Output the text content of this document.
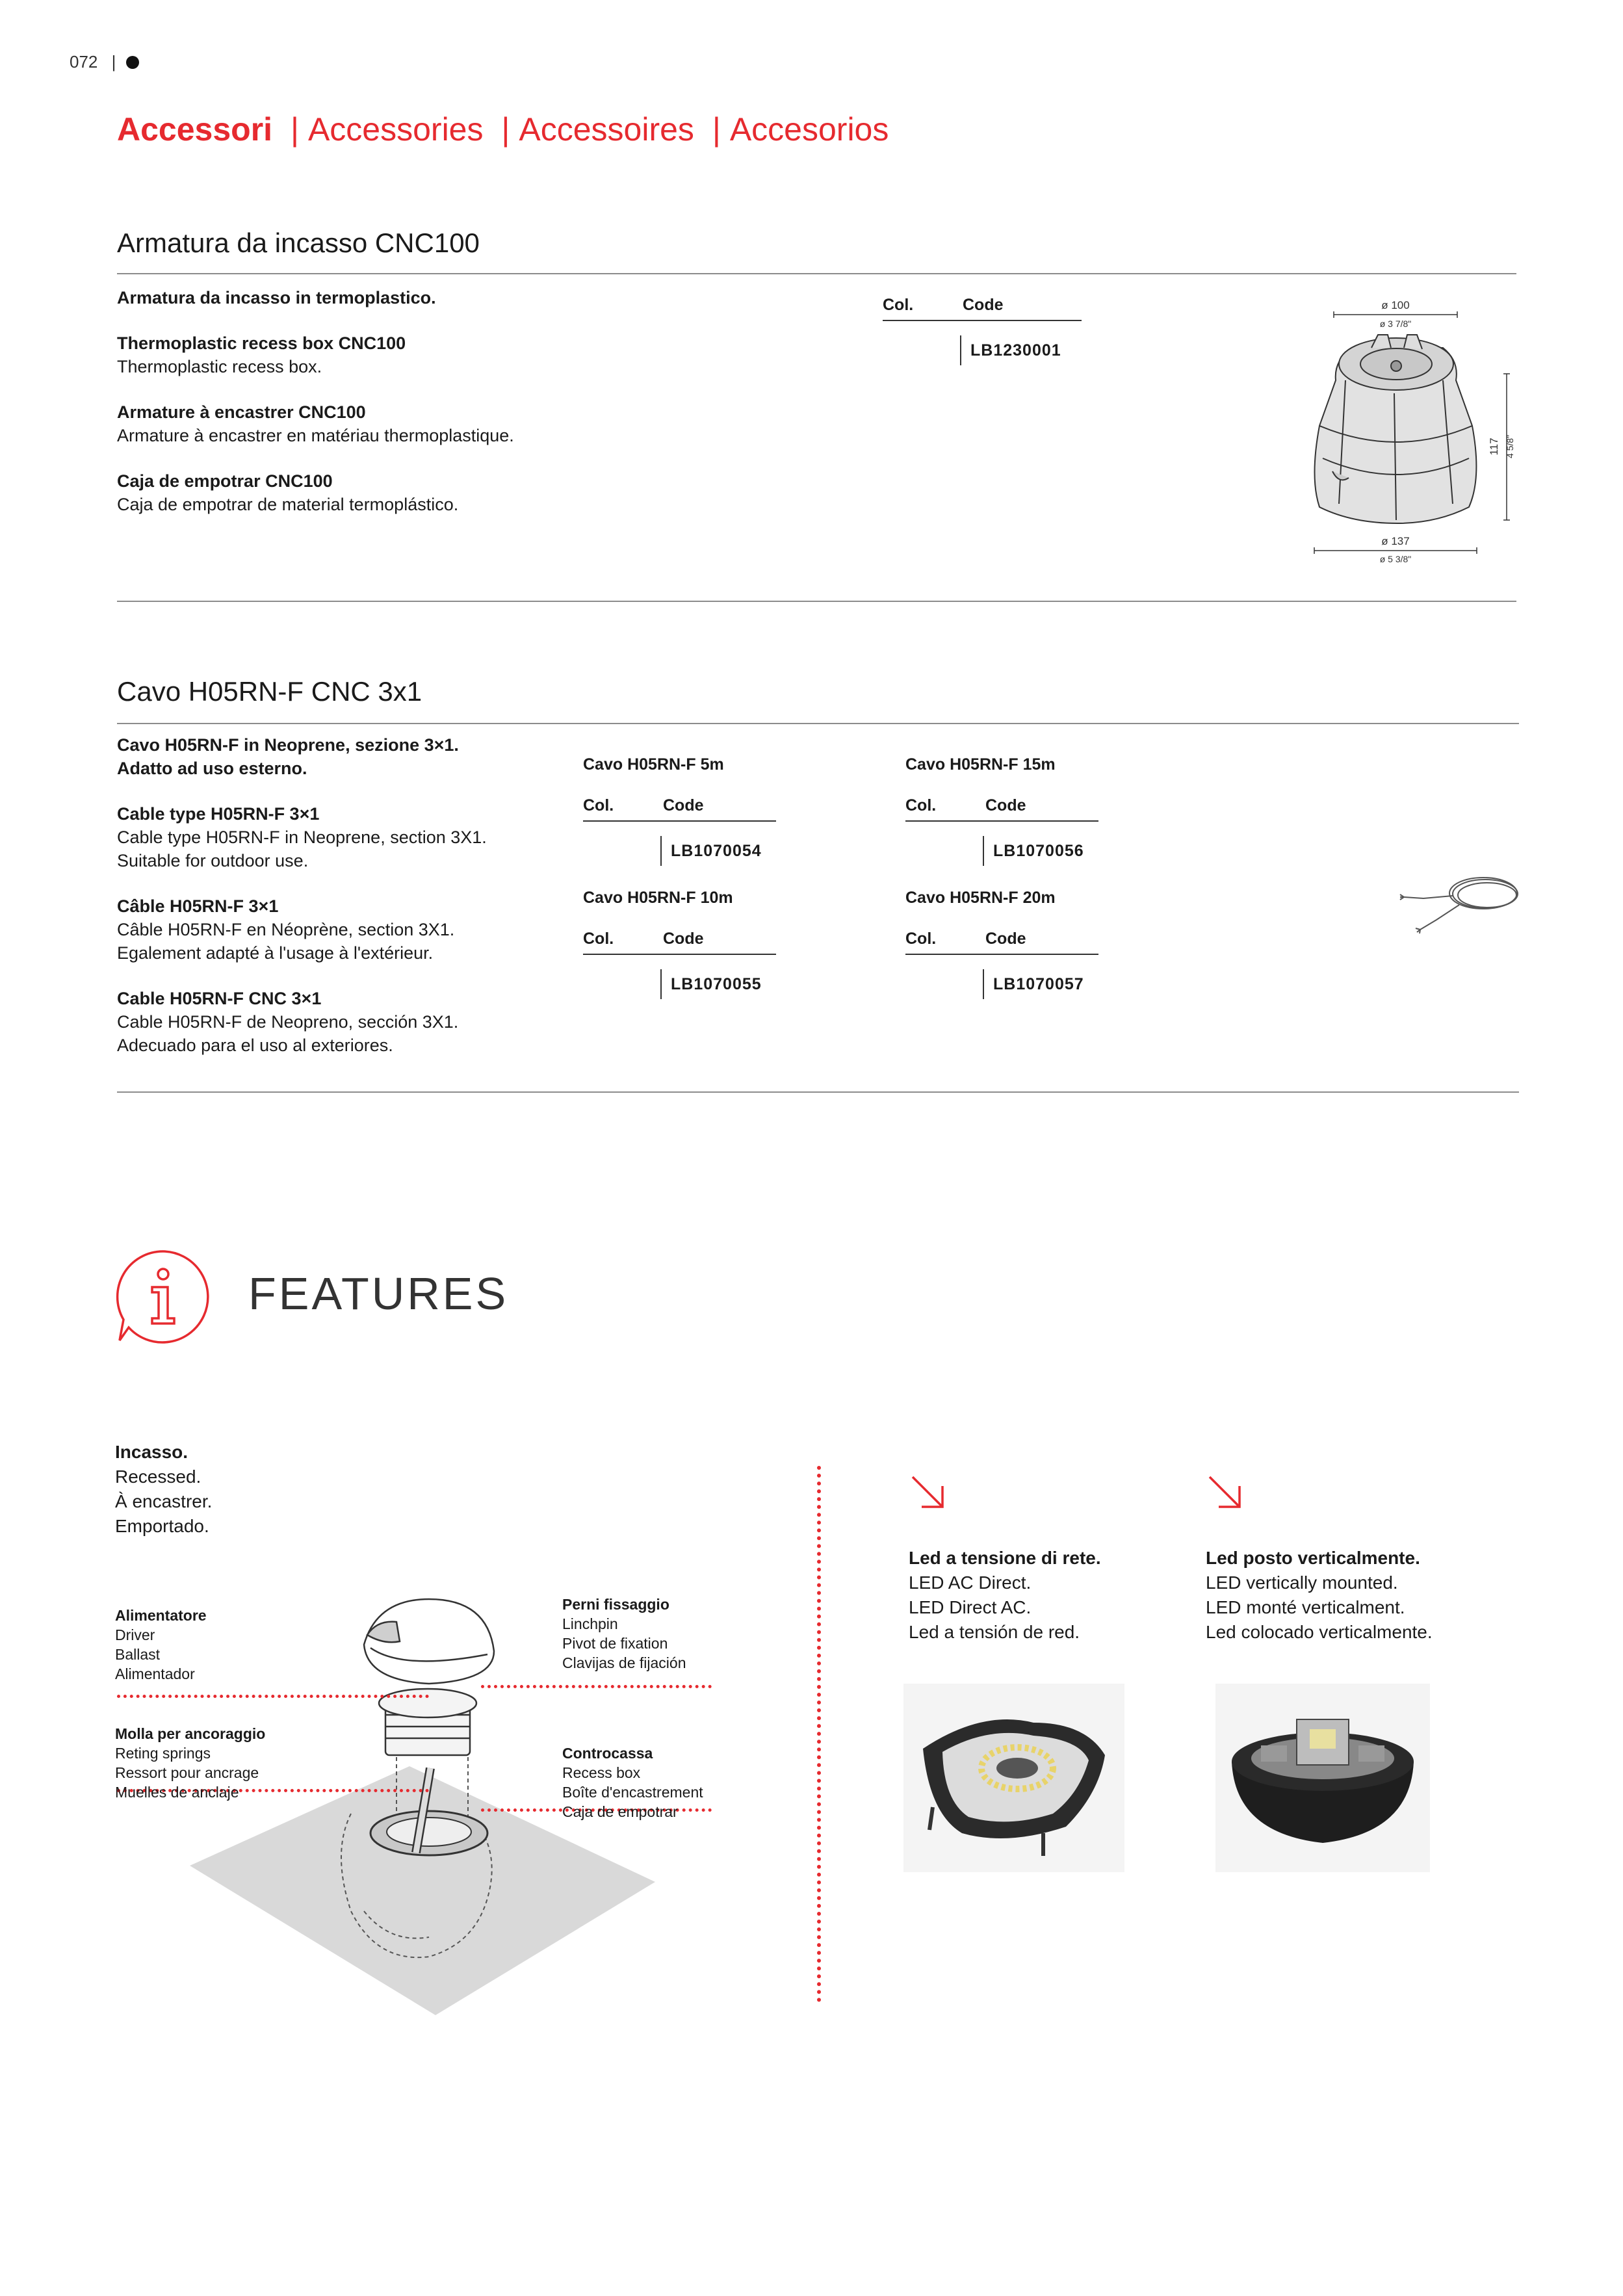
072 |
Accessori | Accessories | Accessoires | Accesorios
Armatura da incasso CNC100

Armatura da incasso in termoplastico.

Thermoplastic recess box CNC100

Thermoplastic recess box.

Armature à encastrer CNC100

Armature à encastrer en matériau thermoplastique.

Caja de empotrar CNC100

Caja de empotrar de material termoplástico.

Col.	Code
LB1230001
ø 100
ø 3 7/8"
ø 137
ø 5 3/8"
117 4 5/8"
Cavo H05RN-F CNC 3x1

Cavo H05RN-F in Neoprene, sezione 3×1.

Adatto ad uso esterno.

Cable type H05RN-F 3×1

Cable type H05RN-F in Neoprene, section 3X1.

Suitable for outdoor use.

Câble H05RN-F 3×1

Câble H05RN-F en Néoprène, section 3X1.

Egalement adapté à l'usage à l'extérieur.

Cable H05RN-F CNC 3×1

Cable H05RN-F de Neopreno, sección 3X1.

Adecuado para el uso al exteriores.

Cavo H05RN-F 5m
Col.	Code
LB1070054
Cavo H05RN-F 15m
Col.	Code
LB1070056
Cavo H05RN-F 10m
Col.	Code
LB1070055
Cavo H05RN-F 20m
Col.	Code
LB1070057
FEATURES

Incasso.

Recessed.

À encastrer.

Emportado.

Alimentatore

Driver

Ballast

Alimentador

Molla per ancoraggio

Reting springs

Ressort pour ancrage

Muelles de anclaje

Perni fissaggio

Linchpin

Pivot de fixation

Clavijas de fijación

Controcassa

Recess box

Boîte d'encastrement

Caja de empotrar

Led a tensione di rete.

LED AC Direct.

LED Direct AC.

Led a tensión de red.

Led posto verticalmente.

LED vertically mounted.

LED monté verticalment.

Led colocado verticalmente.
